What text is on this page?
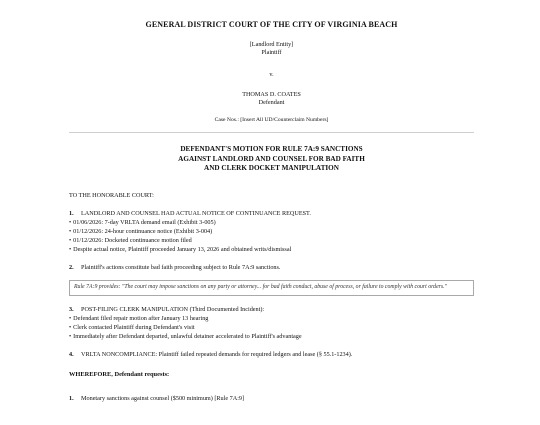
GENERAL DISTRICT COURT OF THE CITY OF VIRGINIA BEACH
[Landlord Entity]
Plaintiff
v.
THOMAS D. COATES
Defendant
Case Nos.: [Insert All UD/Counterclaim Numbers]
DEFENDANT'S MOTION FOR RULE 7A:9 SANCTIONS
AGAINST LANDLORD AND COUNSEL FOR BAD FAITH
AND CLERK DOCKET MANIPULATION
TO THE HONORABLE COURT:
1.	LANDLORD AND COUNSEL HAD ACTUAL NOTICE OF CONTINUANCE REQUEST.
• 01/06/2026: 7-day VRLTA demand email (Exhibit 3-005)
• 01/12/2026: 24-hour continuance notice (Exhibit 3-004)
• 01/12/2026: Docketed continuance motion filed
• Despite actual notice, Plaintiff proceeded January 13, 2026 and obtained writs/dismissal
2.	Plaintiff's actions constitute bad faith proceeding subject to Rule 7A:9 sanctions.
Rule 7A:9 provides: "The court may impose sanctions on any party or attorney... for bad faith conduct, abuse of process, or failure to comply with court orders."
3.	POST-FILING CLERK MANIPULATION (Third Documented Incident):
• Defendant filed repair motion after January 13 hearing
• Clerk contacted Plaintiff during Defendant's visit
• Immediately after Defendant departed, unlawful detainer accelerated to Plaintiff's advantage
4.	VRLTA NONCOMPLIANCE: Plaintiff failed repeated demands for required ledgers and lease (§ 55.1-1234).
WHEREFORE, Defendant requests:
1.	Monetary sanctions against counsel ($500 minimum) [Rule 7A:9]
